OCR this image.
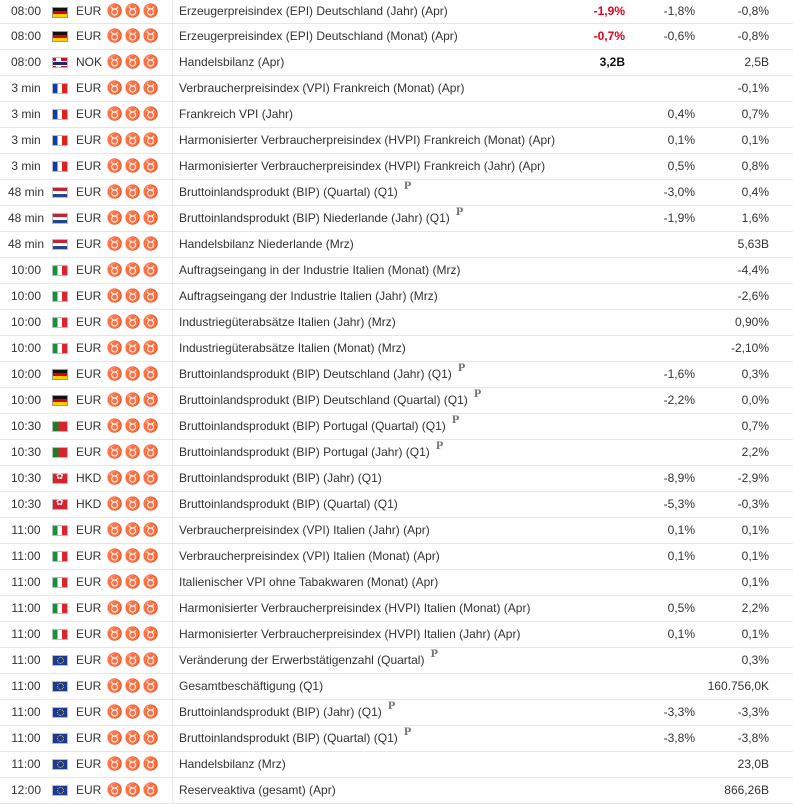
08:00		EUR	♉ ♉ ♉	Erzeugerpreisindex (EPI) Deutschland (Jahr) (Apr)	-1,9%	-1,8%	-0,8%
08:00		EUR	♉ ♉ ♉	Erzeugerpreisindex (EPI) Deutschland (Monat) (Apr)	-0,7%	-0,6%	-0,8%
08:00		NOK	♉ ♉ ♉	Handelsbilanz (Apr)	3,2B		2,5B
3 min		EUR	♉ ♉ ♉	Verbraucherpreisindex (VPI) Frankreich (Monat) (Apr)			-0,1%
3 min		EUR	♉ ♉ ♉	Frankreich VPI (Jahr)		0,4%	0,7%
3 min		EUR	♉ ♉ ♉	Harmonisierter Verbraucherpreisindex (HVPI) Frankreich (Monat) (Apr)		0,1%	0,1%
3 min		EUR	♉ ♉ ♉	Harmonisierter Verbraucherpreisindex (HVPI) Frankreich (Jahr) (Apr)		0,5%	0,8%
48 min		EUR	♉ ♉ ♉	Bruttoinlandsprodukt (BIP) (Quartal) (Q1) $^P$		-3,0%	0,4%
48 min		EUR	♉ ♉ ♉	Bruttoinlandsprodukt (BIP) Niederlande (Jahr) (Q1) $^P$		-1,9%	1,6%
48 min		EUR	♉ ♉ ♉	Handelsbilanz Niederlande (Mrz)			5,63B
10:00		EUR	♉ ♉ ♉	Auftragseingang in der Industrie Italien (Monat) (Mrz)			-4,4%
10:00		EUR	♉ ♉ ♉	Auftragseingang der Industrie Italien (Jahr) (Mrz)			-2,6%
10:00		EUR	♉ ♉ ♉	Industriegüterabsätze Italien (Jahr) (Mrz)			0,90%
10:00		EUR	♉ ♉ ♉	Industriegüterabsätze Italien (Monat) (Mrz)			-2,10%
10:00		EUR	♉ ♉ ♉	Bruttoinlandsprodukt (BIP) Deutschland (Jahr) (Q1) $^P$		-1,6%	0,3%
10:00		EUR	♉ ♉ ♉	Bruttoinlandsprodukt (BIP) Deutschland (Quartal) (Q1) $^P$		-2,2%	0,0%
10:30		EUR	♉ ♉ ♉	Bruttoinlandsprodukt (BIP) Portugal (Quartal) (Q1) $^P$			0,7%
10:30		EUR	♉ ♉ ♉	Bruttoinlandsprodukt (BIP) Portugal (Jahr) (Q1) $^P$			2,2%
10:30	✿	HKD	♉ ♉ ♉	Bruttoinlandsprodukt (BIP) (Jahr) (Q1)		-8,9%	-2,9%
10:30	✿	HKD	♉ ♉ ♉	Bruttoinlandsprodukt (BIP) (Quartal) (Q1)		-5,3%	-0,3%
11:00		EUR	♉ ♉ ♉	Verbraucherpreisindex (VPI) Italien (Jahr) (Apr)		0,1%	0,1%
11:00		EUR	♉ ♉ ♉	Verbraucherpreisindex (VPI) Italien (Monat) (Apr)		0,1%	0,1%
11:00		EUR	♉ ♉ ♉	Italienischer VPI ohne Tabakwaren (Monat) (Apr)			0,1%
11:00		EUR	♉ ♉ ♉	Harmonisierter Verbraucherpreisindex (HVPI) Italien (Monat) (Apr)		0,5%	2,2%
11:00		EUR	♉ ♉ ♉	Harmonisierter Verbraucherpreisindex (HVPI) Italien (Jahr) (Apr)		0,1%	0,1%
11:00		EUR	♉ ♉ ♉	Veränderung der Erwerbstätigenzahl (Quartal) $^P$			0,3%
11:00		EUR	♉ ♉ ♉	Gesamtbeschäftigung (Q1)			160.756,0K
11:00		EUR	♉ ♉ ♉	Bruttoinlandsprodukt (BIP) (Jahr) (Q1) $^P$		-3,3%	-3,3%
11:00		EUR	♉ ♉ ♉	Bruttoinlandsprodukt (BIP) (Quartal) (Q1) $^P$		-3,8%	-3,8%
11:00		EUR	♉ ♉ ♉	Handelsbilanz (Mrz)			23,0B
12:00		EUR	♉ ♉ ♉	Reserveaktiva (gesamt) (Apr)			866,26B
